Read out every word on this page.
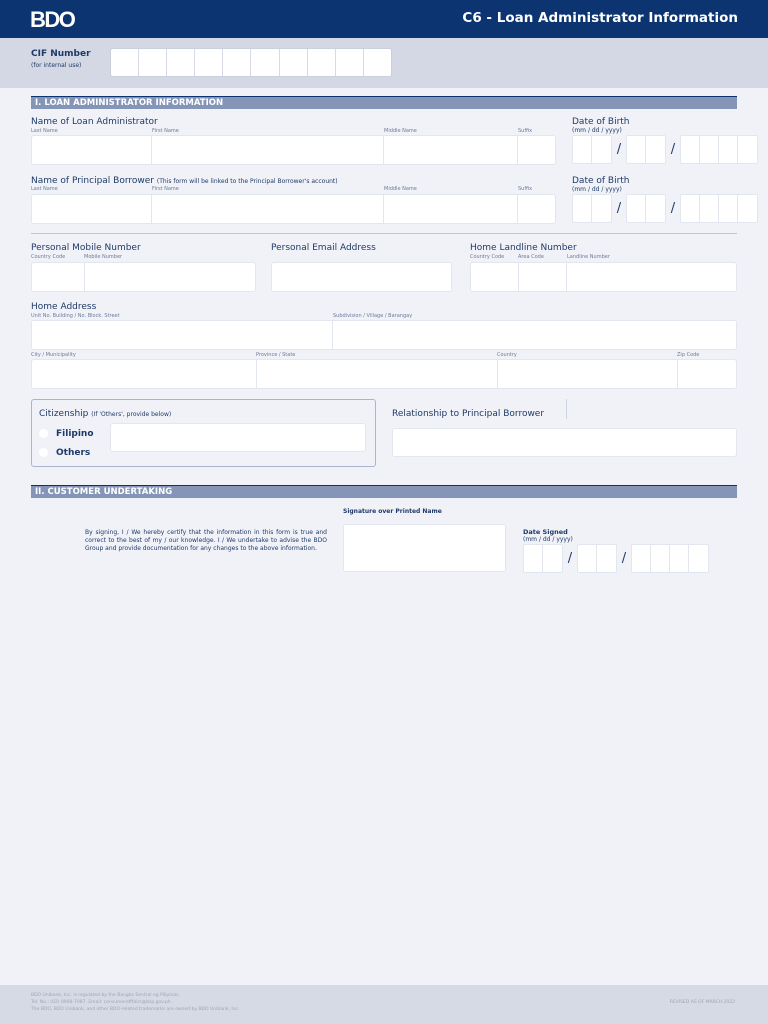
BDO	C6 - Loan Administrator Information
CIF Number
(for internal use)
I. LOAN ADMINISTRATOR INFORMATION
Name of Loan Administrator
Last Name	First Name	Middle Name	Suffix
Date of Birth
(mm / dd / yyyy)
/	/
Name of Principal Borrower (This form will be linked to the Principal Borrower's account)
Last Name	First Name	Middle Name	Suffix
Date of Birth
(mm / dd / yyyy)
/	/
Personal Mobile Number
Country Code	Mobile Number
Personal Email Address	Home Landline Number
Country Code	Area Code	Landline Number
Home Address
Unit No. Building / No. Block. Street	Subdivision / Village / Barangay
City / Municipality	Province / State	Country	Zip Code
Citizenship (If 'Others', provide below)
Filipino
Others
Relationship to Principal Borrower
II. CUSTOMER UNDERTAKING
By signing, I / We hereby certify that the information in this form is true and correct to the best of my / our knowledge. I / We undertake to advise the BDO Group and provide documentation for any changes to the above information.
Signature over Printed Name
Date Signed
(mm / dd / yyyy)
/	/
BDO Unibank, Inc. is regulated by the Bangko Sentral ng Pilipinas.
Tel. No.: (02) 8908-7087. Email: consumerafffairs@bsp.gov.ph
The BDO, BDO Unibank, and other BDO-related trademarks are owned by BDO Unibank, Inc.
REVISED AS OF MARCH 2022
